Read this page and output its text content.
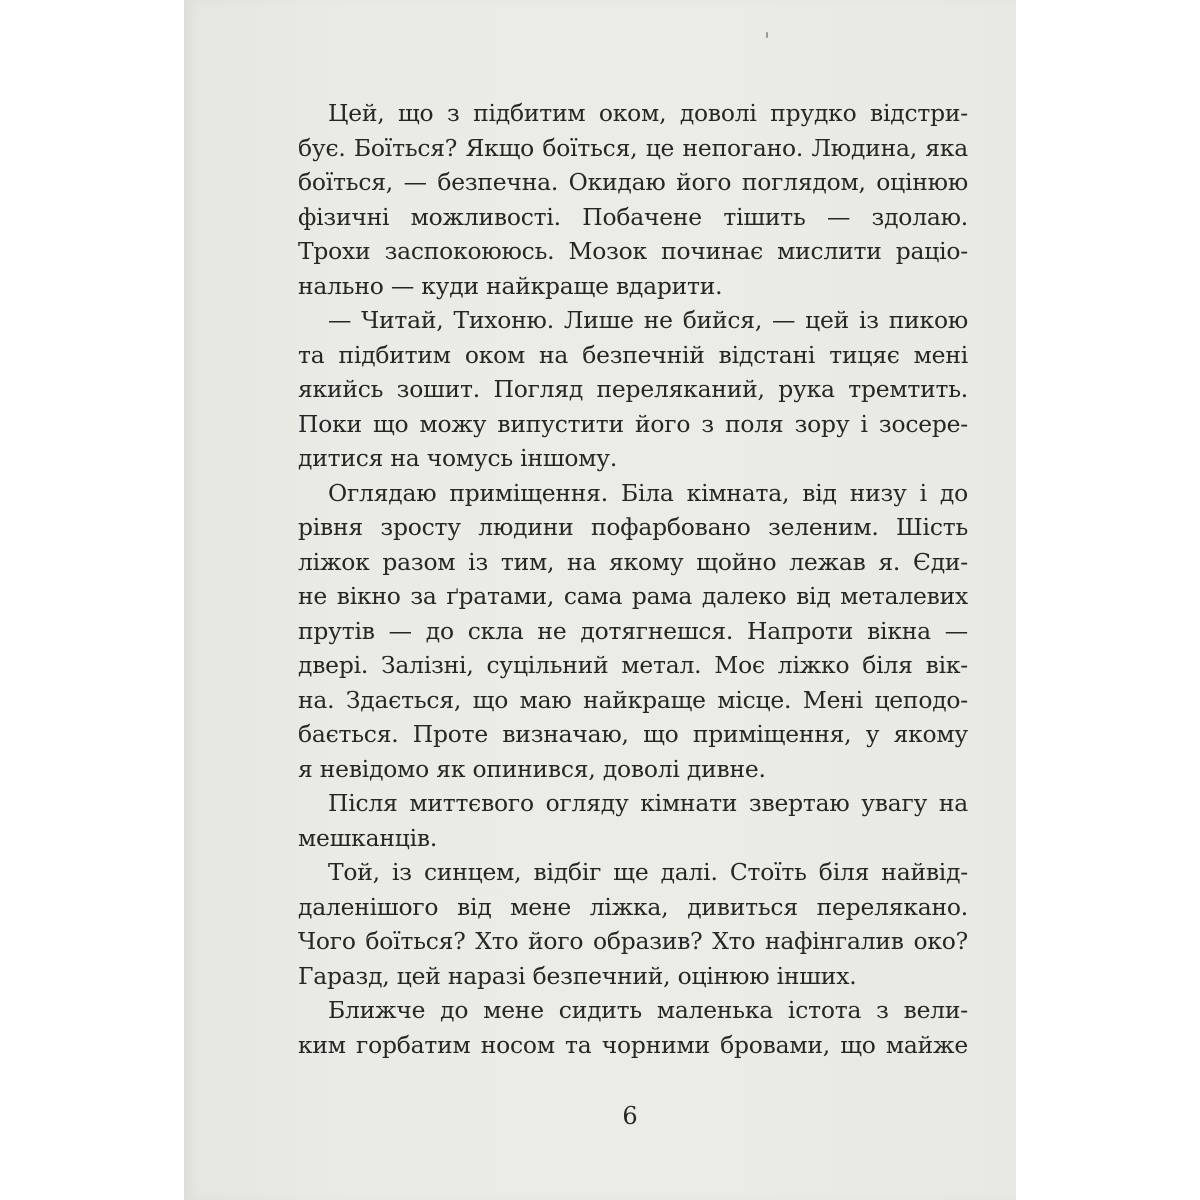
Цей, що з підбитим оком, доволі прудко відстри-
бує. Боїться? Якщо боїться, це непогано. Людина, яка
боїться, — безпечна. Окидаю його поглядом, оцінюю
фізичні можливості. Побачене тішить — здолаю.
Трохи заспокоююсь. Мозок починає мислити раціо-
нально — куди найкраще вдарити.
— Читай, Тихоню. Лише не бийся, — цей із пикою
та підбитим оком на безпечній відстані тицяє мені
якийсь зошит. Погляд переляканий, рука тремтить.
Поки що можу випустити його з поля зору і зосере-
дитися на чомусь іншому.
Оглядаю приміщення. Біла кімната, від низу і до
рівня зросту людини пофарбовано зеленим. Шість
ліжок разом із тим, на якому щойно лежав я. Єди-
не вікно за ґратами, сама рама далеко від металевих
прутів — до скла не дотягнешся. Напроти вікна —
двері. Залізні, суцільний метал. Моє ліжко біля вік-
на. Здається, що маю найкраще місце. Мені цеподо-
бається. Проте визначаю, що приміщення, у якому
я невідомо як опинився, доволі дивне.
Після миттєвого огляду кімнати звертаю увагу на
мешканців.
Той, із синцем, відбіг ще далі. Стоїть біля найвід-
даленішого від мене ліжка, дивиться перелякано.
Чого боїться? Хто його образив? Хто нафінгалив око?
Гаразд, цей наразі безпечний, оцінюю інших.
Ближче до мене сидить маленька істота з вели-
ким горбатим носом та чорними бровами, що майже
6
